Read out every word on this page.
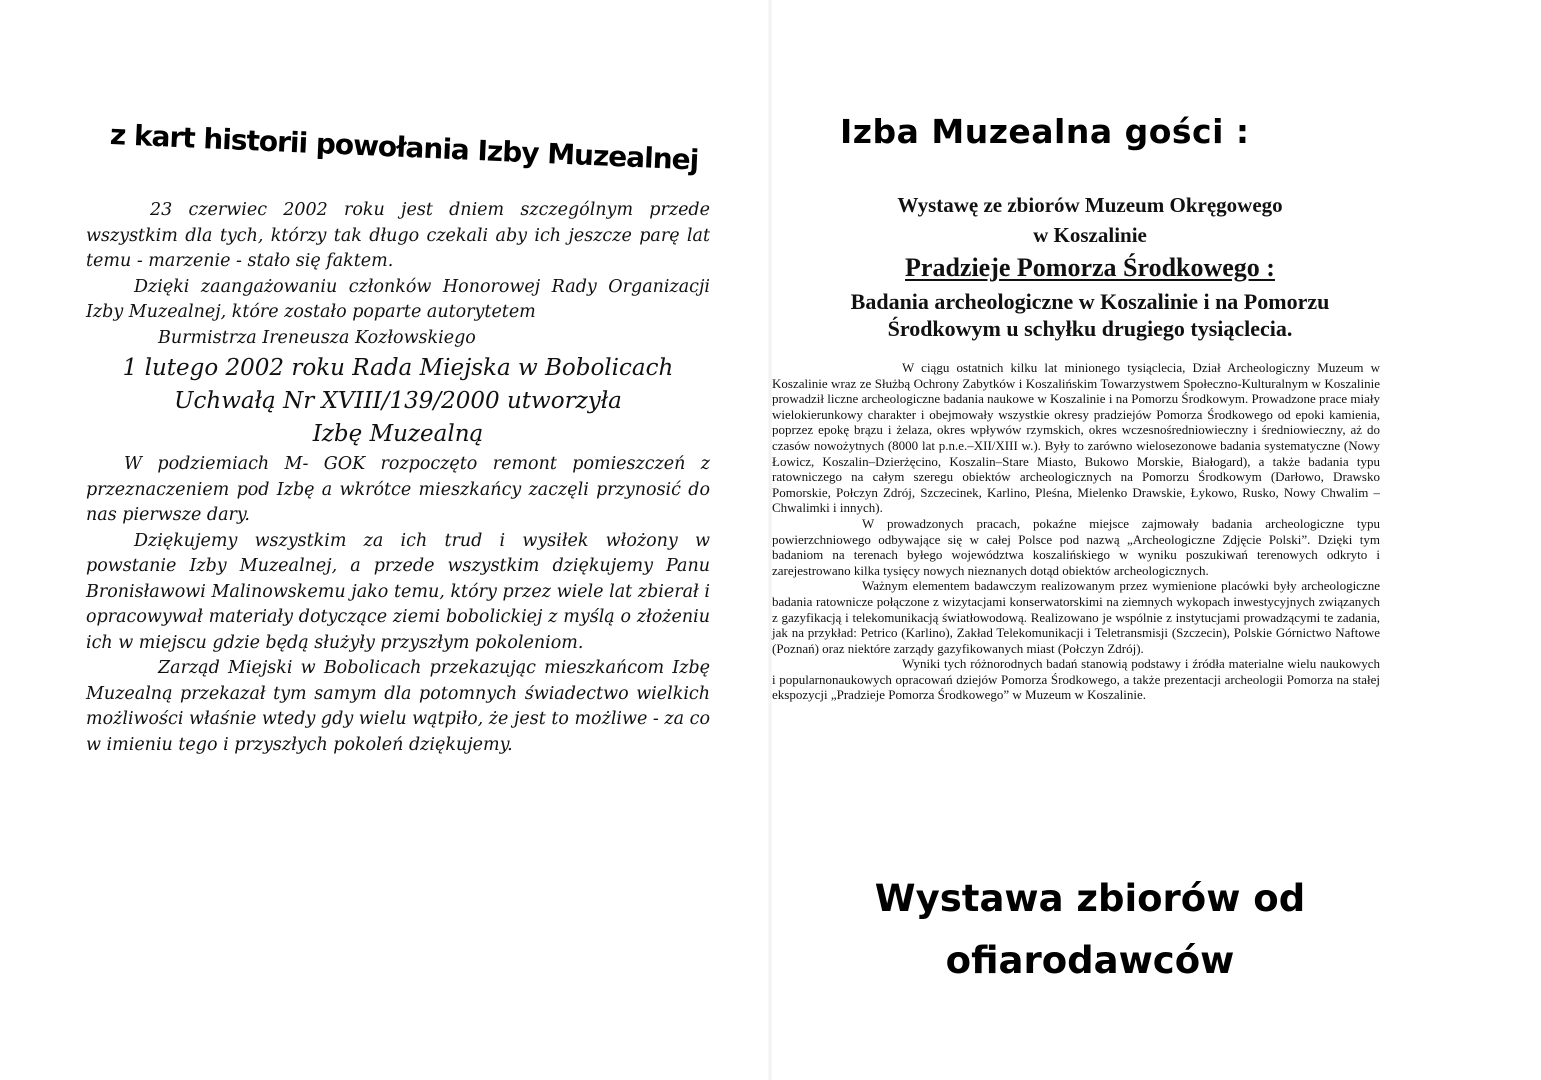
z kart historii powołania Izby Muzealnej

23 czerwiec 2002 roku jest dniem szczególnym przede wszystkim dla tych, którzy tak długo czekali aby ich jeszcze parę lat temu - marzenie - stało się faktem.

Dzięki zaangażowaniu członków Honorowej Rady Organizacji Izby Muzealnej, które zostało poparte autorytetem

Burmistrza Ireneusza Kozłowskiego

1 lutego 2002 roku Rada Miejska w Bobolicach

Uchwałą Nr XVIII/139/2000 utworzyła

Izbę Muzealną

W podziemiach M- GOK rozpoczęto remont pomieszczeń z przeznaczeniem pod Izbę a wkrótce mieszkańcy zaczęli przynosić do nas pierwsze dary.

Dziękujemy wszystkim za ich trud i wysiłek włożony w powstanie Izby Muzealnej, a przede wszystkim dziękujemy Panu Bronisławowi Malinowskemu jako temu, który przez wiele lat zbierał i opracowywał materiały dotyczące ziemi bobolickiej z myślą o złożeniu ich w miejscu gdzie będą służyły przyszłym pokoleniom.

Zarząd Miejski w Bobolicach przekazując mieszkańcom Izbę Muzealną przekazał tym samym dla potomnych świadectwo wielkich możliwości właśnie wtedy gdy wielu wątpiło, że jest to możliwe - za co w imieniu tego i przyszłych pokoleń dziękujemy.

Izba Muzealna gości :
Wystawę ze zbiorów Muzeum Okręgowego
w Koszalinie
Pradzieje Pomorza Środkowego :
Badania archeologiczne w Koszalinie i na Pomorzu
Środkowym u schyłku drugiego tysiąclecia.

W ciągu ostatnich kilku lat minionego tysiąclecia, Dział Archeologiczny Muzeum w Koszalinie wraz ze Służbą Ochrony Zabytków i Koszalińskim Towarzystwem Społeczno-Kulturalnym w Koszalinie prowadził liczne archeologiczne badania naukowe w Koszalinie i na Pomorzu Środkowym. Prowadzone prace miały wielokierunkowy charakter i obejmowały wszystkie okresy pradziejów Pomorza Środkowego od epoki kamienia, poprzez epokę brązu i żelaza, okres wpływów rzymskich, okres wczesnośredniowieczny i średniowieczny, aż do czasów nowożytnych (8000 lat p.n.e.–XII/XIII w.). Były to zarówno wielosezonowe badania systematyczne (Nowy Łowicz, Koszalin–Dzierżęcino, Koszalin–Stare Miasto, Bukowo Morskie, Białogard), a także badania typu ratowniczego na całym szeregu obiektów archeologicznych na Pomorzu Środkowym (Darłowo, Drawsko Pomorskie, Połczyn Zdrój, Szczecinek, Karlino, Pleśna, Mielenko Drawskie, Łykowo, Rusko, Nowy Chwalim – Chwalimki i innych).

W prowadzonych pracach, pokaźne miejsce zajmowały badania archeologiczne typu powierzchniowego odbywające się w całej Polsce pod nazwą „Archeologiczne Zdjęcie Polski”. Dzięki tym badaniom na terenach byłego województwa koszalińskiego w wyniku poszukiwań terenowych odkryto i zarejestrowano kilka tysięcy nowych nieznanych dotąd obiektów archeologicznych.

Ważnym elementem badawczym realizowanym przez wymienione placówki były archeologiczne badania ratownicze połączone z wizytacjami konserwatorskimi na ziemnych wykopach inwestycyjnych związanych z gazyfikacją i telekomunikacją światłowodową. Realizowano je wspólnie z instytucjami prowadzącymi te zadania, jak na przykład: Petrico (Karlino), Zakład Telekomunikacji i Teletransmisji (Szczecin), Polskie Górnictwo Naftowe (Poznań) oraz niektóre zarządy gazyfikowanych miast (Połczyn Zdrój).

Wyniki tych różnorodnych badań stanowią podstawy i źródła materialne wielu naukowych i popularnonaukowych opracowań dziejów Pomorza Środkowego, a także prezentacji archeologii Pomorza na stałej ekspozycji „Pradzieje Pomorza Środkowego” w Muzeum w Koszalinie.

Wystawa zbiorów od
ofiarodawców
